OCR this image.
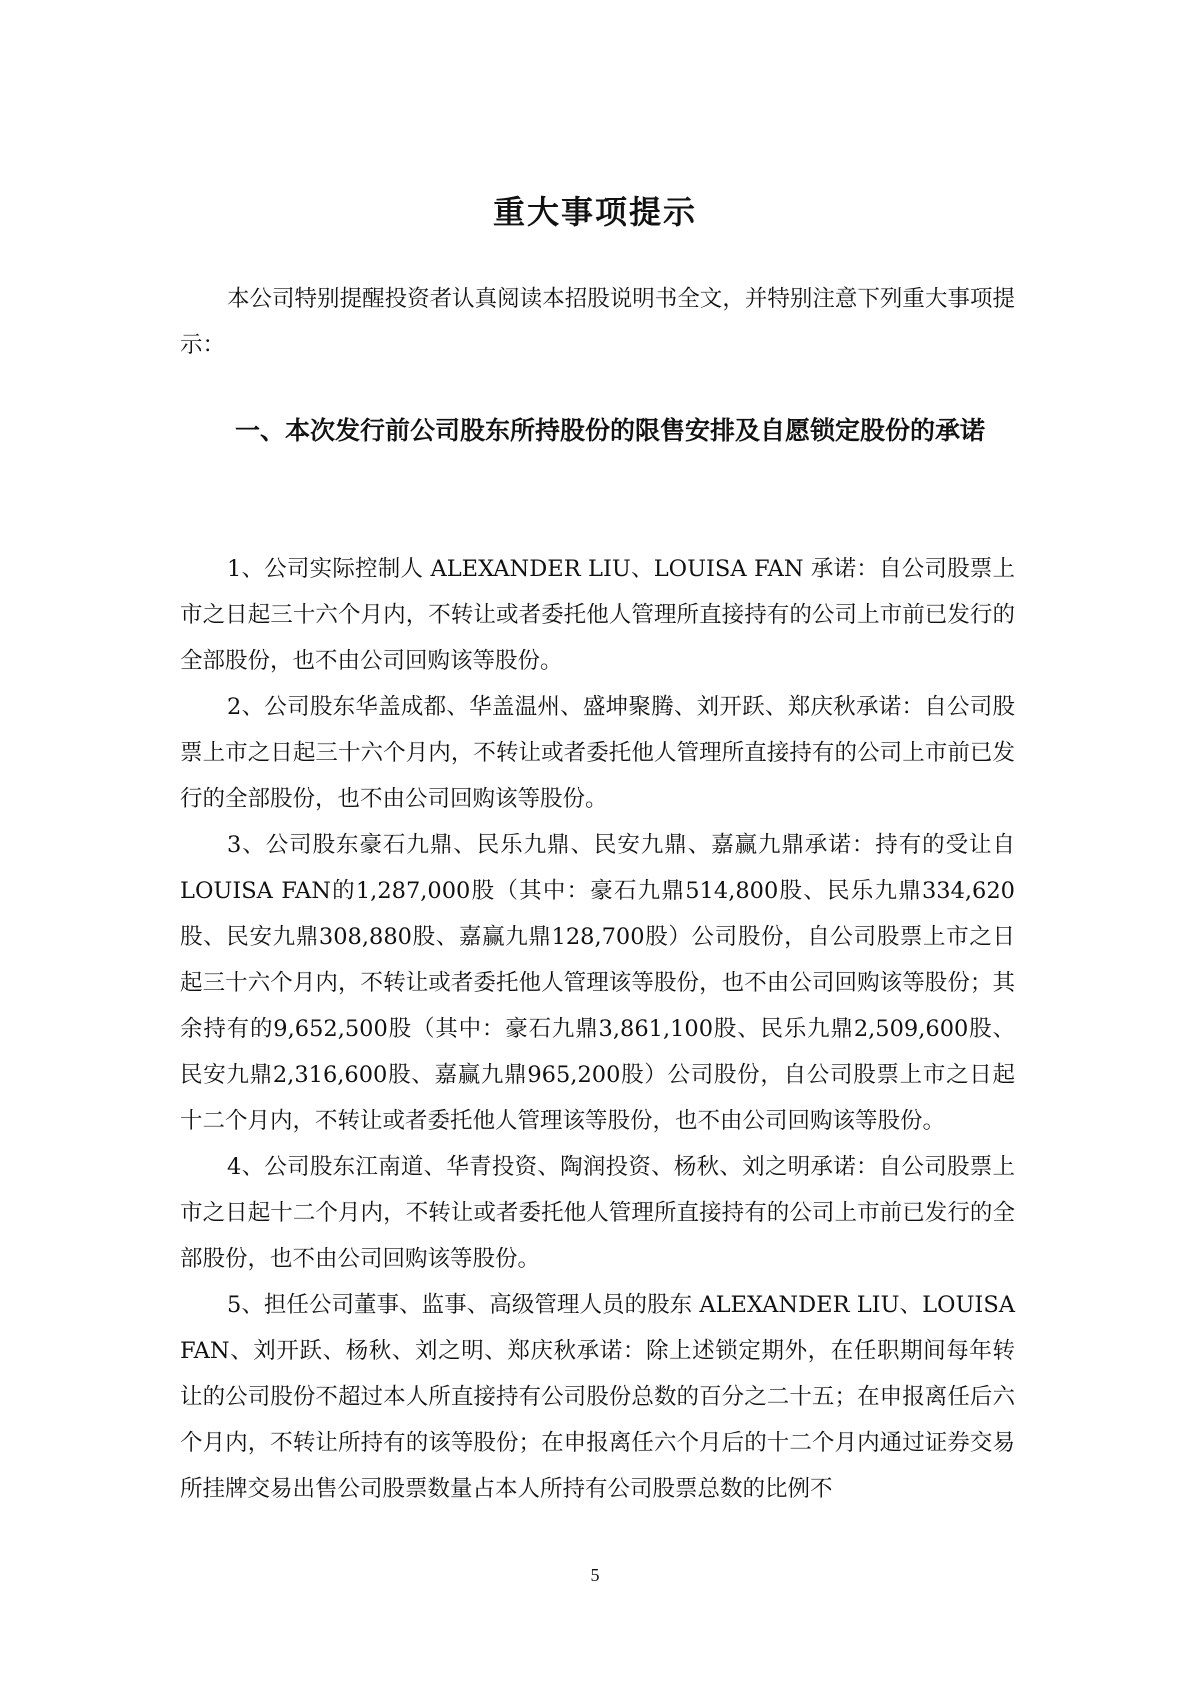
重大事项提示
本公司特别提醒投资者认真阅读本招股说明书全文，并特别注意下列重大事项提示：
一、本次发行前公司股东所持股份的限售安排及自愿锁定股份的承诺

1、公司实际控制人 ALEXANDER LIU、LOUISA FAN 承诺：自公司股票上市之日起三十六个月内，不转让或者委托他人管理所直接持有的公司上市前已发行的全部股份，也不由公司回购该等股份。

2、公司股东华盖成都、华盖温州、盛坤聚腾、刘开跃、郑庆秋承诺：自公司股票上市之日起三十六个月内，不转让或者委托他人管理所直接持有的公司上市前已发行的全部股份，也不由公司回购该等股份。

3、公司股东豪石九鼎、民乐九鼎、民安九鼎、嘉赢九鼎承诺：持有的受让自LOUISA FAN的1,287,000股（其中：豪石九鼎514,800股、民乐九鼎334,620股、民安九鼎308,880股、嘉赢九鼎128,700股）公司股份，自公司股票上市之日起三十六个月内，不转让或者委托他人管理该等股份，也不由公司回购该等股份；其余持有的9,652,500股（其中：豪石九鼎3,861,100股、民乐九鼎2,509,600股、民安九鼎2,316,600股、嘉赢九鼎965,200股）公司股份，自公司股票上市之日起十二个月内，不转让或者委托他人管理该等股份，也不由公司回购该等股份。

4、公司股东江南道、华青投资、陶润投资、杨秋、刘之明承诺：自公司股票上市之日起十二个月内，不转让或者委托他人管理所直接持有的公司上市前已发行的全部股份，也不由公司回购该等股份。

5、担任公司董事、监事、高级管理人员的股东 ALEXANDER LIU、LOUISA FAN、刘开跃、杨秋、刘之明、郑庆秋承诺：除上述锁定期外，在任职期间每年转让的公司股份不超过本人所直接持有公司股份总数的百分之二十五；在申报离任后六个月内，不转让所持有的该等股份；在申报离任六个月后的十二个月内通过证券交易所挂牌交易出售公司股票数量占本人所持有公司股票总数的比例不

5
